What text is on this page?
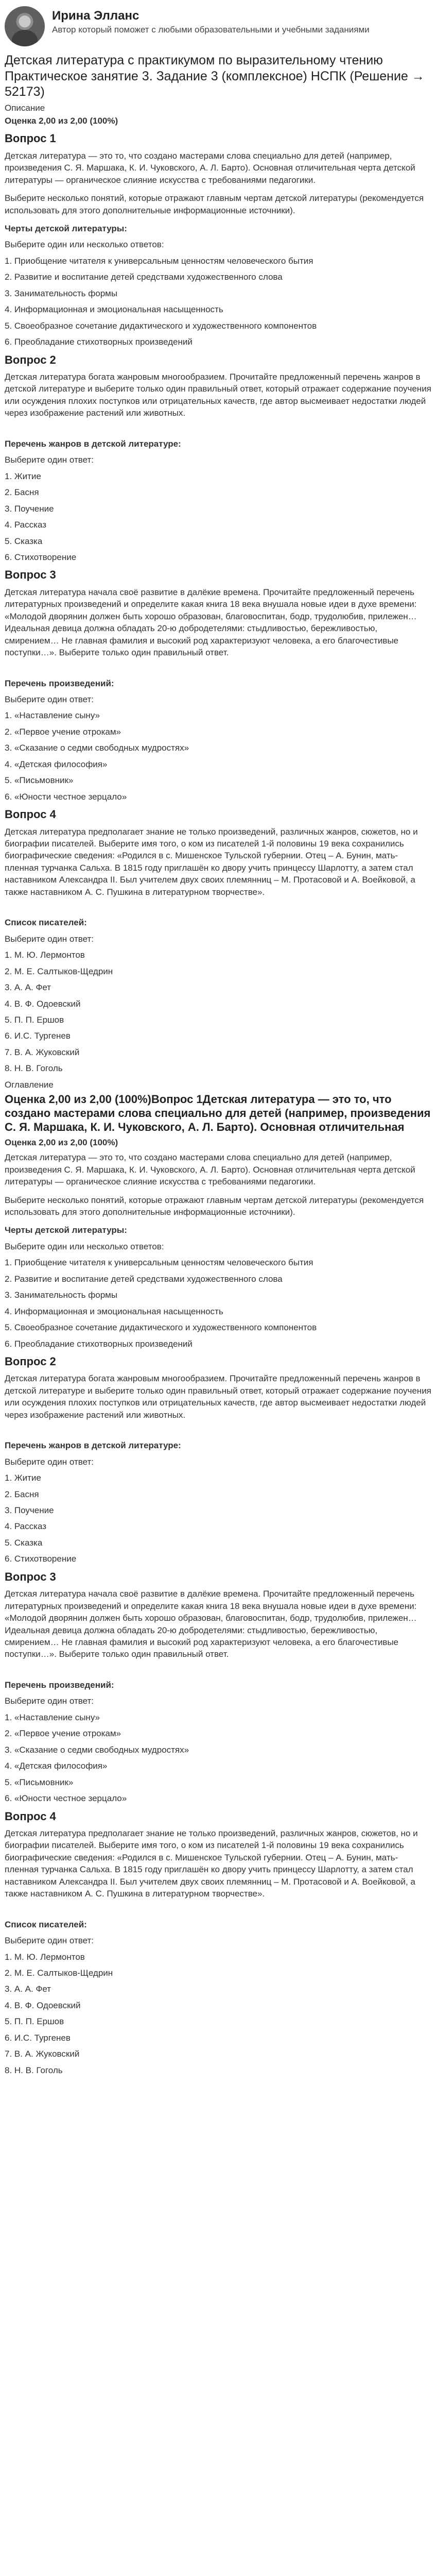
Ирина Элланс
Автор который поможет с любыми образовательными и учебными заданиями
Детская литература с практикумом по выразительному чтению Практическое занятие 3. Задание 3 (комплексное) НСПК (Решение → 52173)
Описание
Оценка 2,00 из 2,00 (100%)
Вопрос 1
Детская литература — это то, что создано мастерами слова специально для детей (например, произведения С. Я. Маршака, К. И. Чуковского, А. Л. Барто). Основная отличительная черта детской литературы — органическое слияние искусства с требованиями педагогики.
Выберите несколько понятий, которые отражают главным чертам детской литературы (рекомендуется использовать для этого дополнительные информационные источники).
Черты детской литературы:
Выберите один или несколько ответов:
1. Приобщение читателя к универсальным ценностям человеческого бытия
2. Развитие и воспитание детей средствами художественного слова
3. Занимательность формы
4. Информационная и эмоциональная насыщенность
5. Своеобразное сочетание дидактического и художественного компонентов
6. Преобладание стихотворных произведений
Вопрос 2
Детская литература богата жанровым многообразием. Прочитайте предложенный перечень жанров в детской литературе и выберите только один правильный ответ, который отражает содержание поучения или осуждения плохих поступков или отрицательных качеств, где автор высмеивает недостатки людей через изображение растений или животных.
Перечень жанров в детской литературе:
Выберите один ответ:
1. Житие
2. Басня
3. Поучение
4. Рассказ
5. Сказка
6. Стихотворение
Вопрос 3
Детская литература начала своё развитие в далёкие времена. Прочитайте предложенный перечень литературных произведений и определите какая книга 18 века внушала новые идеи в духе времени: «Молодой дворянин должен быть хорошо образован, благовоспитан, бодр, трудолюбив, прилежен… Идеальная девица должна обладать 20-ю добродетелями: стыдливостью, бережливостью, смирением… Не главная фамилия и высокий род характеризуют человека, а его благочестивые поступки…». Выберите только один правильный ответ.
Перечень произведений:
Выберите один ответ:
1. «Наставление сыну»
2. «Первое учение отрокам»
3. «Сказание о седми свободных мудростях»
4. «Детская философия»
5. «Письмовник»
6. «Юности честное зерцало»
Вопрос 4
Детская литература предполагает знание не только произведений, различных жанров, сюжетов, но и биографии писателей. Выберите имя того, о ком из писателей 1-й половины 19 века сохранились биографические сведения: «Родился в с. Мишенское Тульской губернии. Отец – А. Бунин, мать-пленная турчанка Сальха. В 1815 году приглашён ко двору учить принцессу Шарлотту, а затем стал наставником Александра II. Был учителем двух своих племянниц – М. Протасовой и А. Воейковой, а также наставником А. С. Пушкина в литературном творчестве».
Список писателей:
Выберите один ответ:
1. М. Ю. Лермонтов
2. М. Е. Салтыков-Щедрин
3. А. А. Фет
4. В. Ф. Одоевский
5. П. П. Ершов
6. И.С. Тургенев
7. В. А. Жуковский
8. Н. В. Гоголь
Оглавление
Оценка 2,00 из 2,00 (100%)Вопрос 1Детская литература — это то, что создано мастерами слова специально для детей (например, произведения С. Я. Маршака, К. И. Чуковского, А. Л. Барто). Основная отличительная
Оценка 2,00 из 2,00 (100%)
Детская литература — это то, что создано мастерами слова специально для детей (например, произведения С. Я. Маршака, К. И. Чуковского, А. Л. Барто). Основная отличительная черта детской литературы — органическое слияние искусства с требованиями педагогики.
Выберите несколько понятий, которые отражают главным чертам детской литературы (рекомендуется использовать для этого дополнительные информационные источники).
Черты детской литературы:
Выберите один или несколько ответов:
1. Приобщение читателя к универсальным ценностям человеческого бытия
2. Развитие и воспитание детей средствами художественного слова
3. Занимательность формы
4. Информационная и эмоциональная насыщенность
5. Своеобразное сочетание дидактического и художественного компонентов
6. Преобладание стихотворных произведений
Вопрос 2
Детская литература богата жанровым многообразием. Прочитайте предложенный перечень жанров в детской литературе и выберите только один правильный ответ, который отражает содержание поучения или осуждения плохих поступков или отрицательных качеств, где автор высмеивает недостатки людей через изображение растений или животных.
Перечень жанров в детской литературе:
Выберите один ответ:
1. Житие
2. Басня
3. Поучение
4. Рассказ
5. Сказка
6. Стихотворение
Вопрос 3
Детская литература начала своё развитие в далёкие времена. Прочитайте предложенный перечень литературных произведений и определите какая книга 18 века внушала новые идеи в духе времени: «Молодой дворянин должен быть хорошо образован, благовоспитан, бодр, трудолюбив, прилежен… Идеальная девица должна обладать 20-ю добродетелями: стыдливостью, бережливостью, смирением… Не главная фамилия и высокий род характеризуют человека, а его благочестивые поступки…». Выберите только один правильный ответ.
Перечень произведений:
Выберите один ответ:
1. «Наставление сыну»
2. «Первое учение отрокам»
3. «Сказание о седми свободных мудростях»
4. «Детская философия»
5. «Письмовник»
6. «Юности честное зерцало»
Вопрос 4
Детская литература предполагает знание не только произведений, различных жанров, сюжетов, но и биографии писателей. Выберите имя того, о ком из писателей 1-й половины 19 века сохранились биографические сведения: «Родился в с. Мишенское Тульской губернии. Отец – А. Бунин, мать-пленная турчанка Сальха. В 1815 году приглашён ко двору учить принцессу Шарлотту, а затем стал наставником Александра II. Был учителем двух своих племянниц – М. Протасовой и А. Воейковой, а также наставником А. С. Пушкина в литературном творчестве».
Список писателей:
Выберите один ответ:
1. М. Ю. Лермонтов
2. М. Е. Салтыков-Щедрин
3. А. А. Фет
4. В. Ф. Одоевский
5. П. П. Ершов
6. И.С. Тургенев
7. В. А. Жуковский
8. Н. В. Гоголь
